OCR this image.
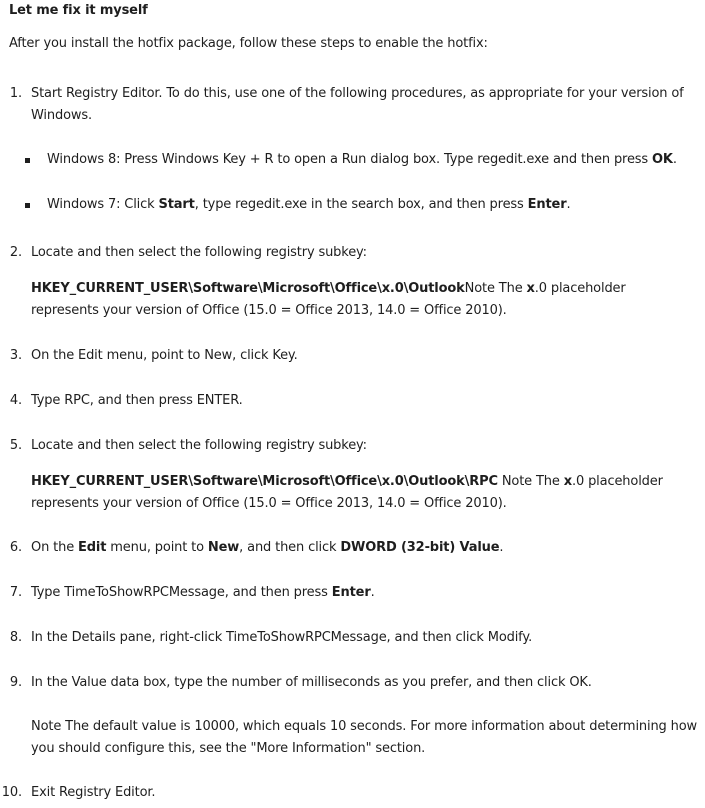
Let me fix it myself
After you install the hotfix package, follow these steps to enable the hotfix:
1. Start Registry Editor. To do this, use one of the following procedures, as appropriate for your version of Windows.
Windows 8: Press Windows Key + R to open a Run dialog box. Type regedit.exe and then press OK.
Windows 7: Click Start, type regedit.exe in the search box, and then press Enter.
2. Locate and then select the following registry subkey:
HKEY_CURRENT_USER\Software\Microsoft\Office\x.0\OutlookNote The x.0 placeholder represents your version of Office (15.0 = Office 2013, 14.0 = Office 2010).
3. On the Edit menu, point to New, click Key.
4. Type RPC, and then press ENTER.
5. Locate and then select the following registry subkey:
HKEY_CURRENT_USER\Software\Microsoft\Office\x.0\Outlook\RPC Note The x.0 placeholder represents your version of Office (15.0 = Office 2013, 14.0 = Office 2010).
6. On the Edit menu, point to New, and then click DWORD (32-bit) Value.
7. Type TimeToShowRPCMessage, and then press Enter.
8. In the Details pane, right-click TimeToShowRPCMessage, and then click Modify.
9. In the Value data box, type the number of milliseconds as you prefer, and then click OK.
Note The default value is 10000, which equals 10 seconds. For more information about determining how you should configure this, see the "More Information" section.
10. Exit Registry Editor.
